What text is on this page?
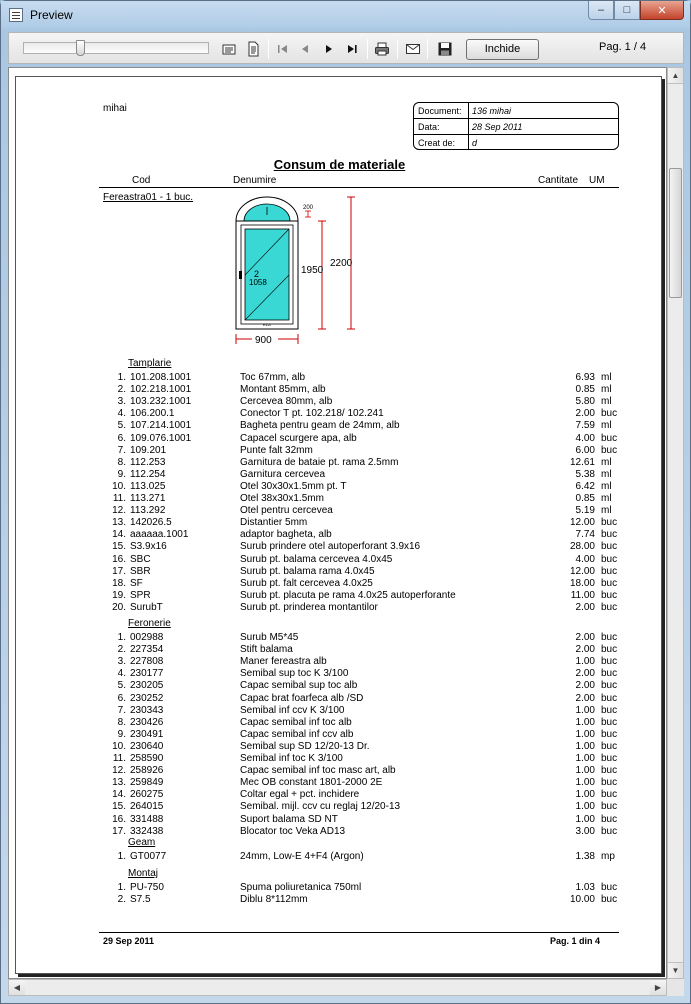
Preview	–	□	✕
Inchide	Pag. 1 / 4
mihai	Document: 136 mihai
Data:	28 Sep 2011
Creat de: d
Consum de materiale
Cod	Denumire	Cantitate UM
Fereastra01 - 1 buc.
2
1058
EZA
200
1950
2200
900
29 Sep 2011	Pag. 1 din 4
Tamplarie
1. 101.208.1001	Toc 67mm, alb	6.93 ml
2. 102.218.1001	Montant 85mm, alb	0.85 ml
3. 103.232.1001	Cercevea 80mm, alb	5.80 ml
4. 106.200.1	Conector T pt. 102.218/ 102.241	2.00 buc
5. 107.214.1001	Bagheta pentru geam de 24mm, alb	7.59 ml
6. 109.076.1001	Capacel scurgere apa, alb	4.00 buc
7. 109.201	Punte falt 32mm	6.00 buc
8. 112.253	Garnitura de bataie pt. rama 2.5mm	12.61 ml
9. 112.254	Garnitura cercevea	5.38 ml
10. 113.025	Otel 30x30x1.5mm pt. T	6.42 ml
11. 113.271	Otel 38x30x1.5mm	0.85 ml
12. 113.292	Otel pentru cercevea	5.19 ml
13. 142026.5	Distantier 5mm	12.00 buc
14. aaaaaa.1001	adaptor bagheta, alb	7.74 buc
15. S3.9x16	Surub prindere otel autoperforant 3.9x16	28.00 buc
16. SBC	Surub pt. balama cercevea 4.0x45	4.00 buc
17. SBR	Surub pt. balama rama 4.0x45	12.00 buc
18. SF	Surub pt. falt cercevea 4.0x25	18.00 buc
19. SPR	Surub pt. placuta pe rama 4.0x25 autoperforante	11.00 buc
20. SurubT	Surub pt. prinderea montantilor	2.00 buc
Feronerie
1. 002988	Surub M5*45	2.00 buc
2. 227354	Stift balama	2.00 buc
3. 227808	Maner fereastra alb	1.00 buc
4. 230177	Semibal sup toc K 3/100	2.00 buc
5. 230205	Capac semibal sup toc alb	2.00 buc
6. 230252	Capac brat foarfeca alb /SD	2.00 buc
7. 230343	Semibal inf ccv K 3/100	1.00 buc
8. 230426	Capac semibal inf toc alb	1.00 buc
9. 230491	Capac semibal inf ccv alb	1.00 buc
10. 230640	Semibal sup SD 12/20-13 Dr.	1.00 buc
11. 258590	Semibal inf toc K 3/100	1.00 buc
12. 258926	Capac semibal inf toc masc art, alb	1.00 buc
13. 259849	Mec OB constant 1801-2000 2E	1.00 buc
14. 260275	Coltar egal + pct. inchidere	1.00 buc
15. 264015	Semibal. mijl. ccv cu reglaj 12/20-13	1.00 buc
16. 331488	Suport balama SD NT	1.00 buc
17. 332438	Blocator toc Veka AD13	3.00 buc
Geam
1. GT0077	24mm, Low-E 4+F4 (Argon)	1.38 mp
Montaj
1. PU-750	Spuma poliuretanica 750ml	1.03 buc
2. S7.5	Diblu 8*112mm	10.00 buc
▲
▼
◀	▶
